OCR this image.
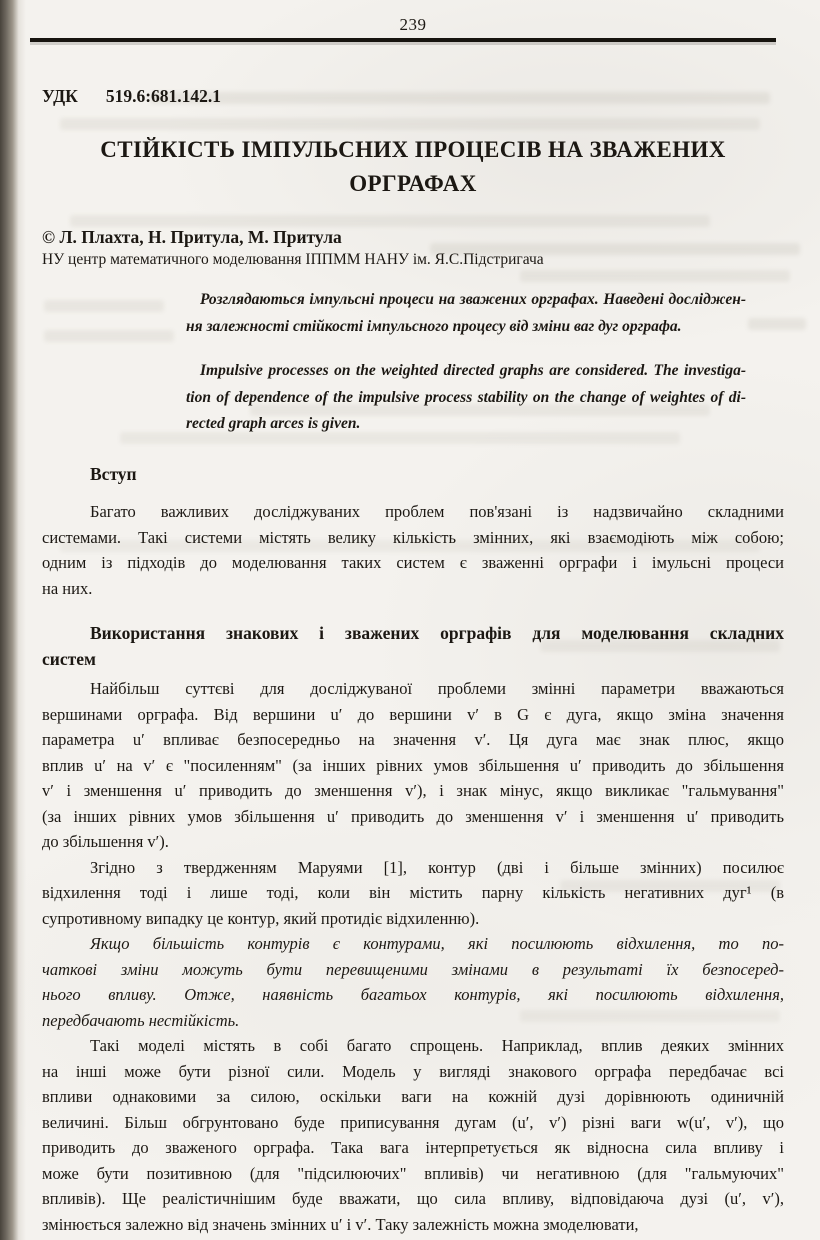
239
УДК 519.6:681.142.1
СТІЙКІСТЬ ІМПУЛЬСНИХ ПРОЦЕСІВ НА ЗВАЖЕНИХ
ОРГРАФАХ
© Л. Плахта, Н. Притула, М. Притула
НУ центр математичного моделювання ІППММ НАНУ ім. Я.С.Підстригача
Розглядаються імпульсні процеси на зважених орграфах. Наведені досліджен-
ня залежності стійкості імпульсного процесу від зміни ваг дуг орграфа.
Impulsive processes on the weighted directed graphs are considered. The investiga-
tion of dependence of the impulsive process stability on the change of weightes of di-
rected graph arces is given.
Вступ
Багато важливих досліджуваних проблем пов'язані із надзвичайно складними
системами. Такі системи містять велику кількість змінних, які взаємодіють між собою;
одним із підходів до моделювання таких систем є зваженні орграфи і імульсні процеси
на них.
Використання знакових і зважених орграфів для моделювання складних
систем
Найбільш суттєві для досліджуваної проблеми змінні параметри вважаються
вершинами орграфа. Від вершини u′ до вершини v′ в G є дуга, якщо зміна значення
параметра u′ впливає безпосередньо на значення v′. Ця дуга має знак плюс, якщо
вплив u′ на v′ є "посиленням" (за інших рівних умов збільшення u′ приводить до збільшення
v′ і зменшення u′ приводить до зменшення v′), і знак мінус, якщо викликає "гальмування"
(за інших рівних умов збільшення u′ приводить до зменшення v′ і зменшення u′ приводить
до збільшення v′).
Згідно з твердженням Маруями [1], контур (дві і більше змінних) посилює
відхилення тоді і лише тоді, коли він містить парну кількість негативних дуг¹ (в
супротивному випадку це контур, який протидіє відхиленню).
Якщо більшість контурів є контурами, які посилюють відхилення, то по-
чаткові зміни можуть бути перевищеними змінами в результаті їх безпосеред-
нього впливу. Отже, наявність багатьох контурів, які посилюють відхилення,
передбачають нестійкість.
Такі моделі містять в собі багато спрощень. Наприклад, вплив деяких змінних
на інші може бути різної сили. Модель у вигляді знакового орграфа передбачає всі
впливи однаковими за силою, оскільки ваги на кожній дузі дорівнюють одиничній
величині. Більш обгрунтовано буде приписування дугам (u′, v′) різні ваги w(u′, v′), що
приводить до зваженого орграфа. Така вага інтерпретується як відносна сила впливу і
може бути позитивною (для "підсилюючих" впливів) чи негативною (для "гальмуючих"
впливів). Ще реалістичнішим буде вважати, що сила впливу, відповідаюча дузі (u′, v′),
змінюється залежно від значень змінних u′ і v′. Таку залежність можна змоделювати,
